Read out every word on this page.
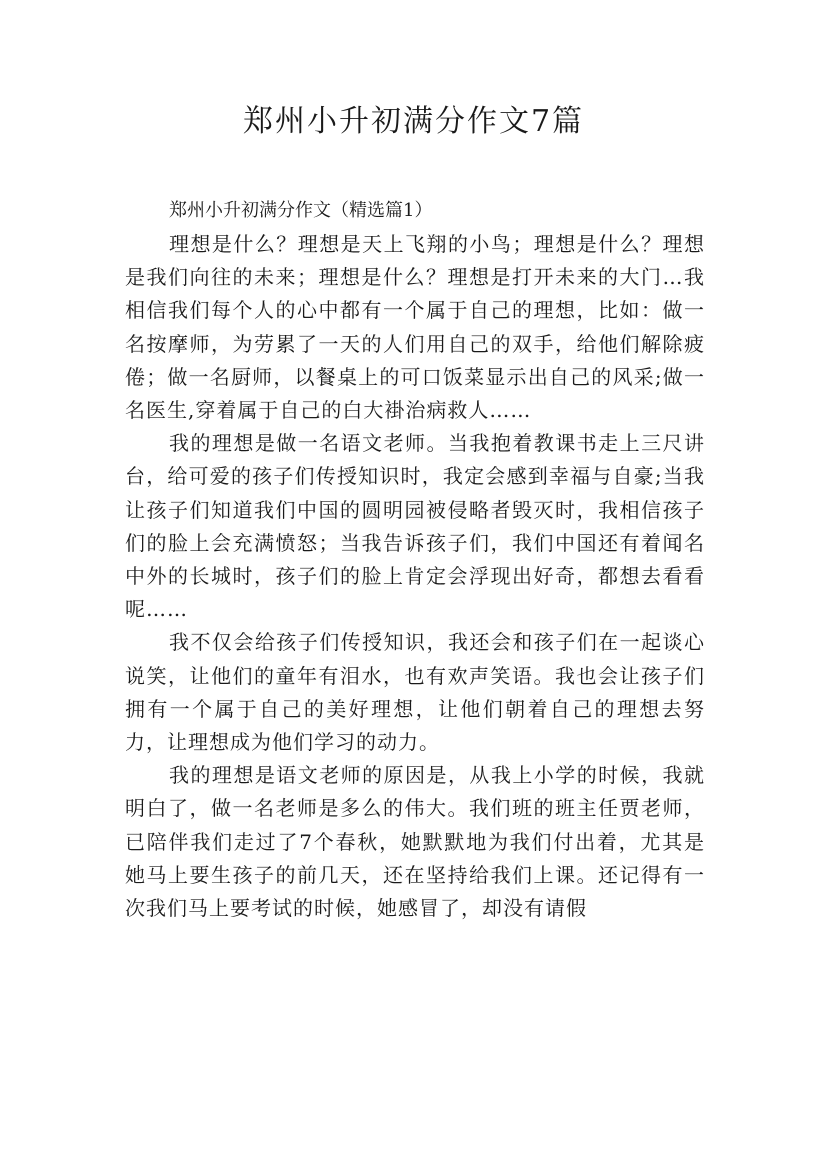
郑州小升初满分作文7篇

郑州小升初满分作文（精选篇1）

理想是什么？理想是天上飞翔的小鸟；理想是什么？理想是我们向往的未来；理想是什么？理想是打开未来的大门…我相信我们每个人的心中都有一个属于自己的理想，比如：做一名按摩师，为劳累了一天的人们用自己的双手，给他们解除疲倦；做一名厨师，以餐桌上的可口饭菜显示出自己的风采;做一名医生,穿着属于自己的白大褂治病救人……

我的理想是做一名语文老师。当我抱着教课书走上三尺讲台，给可爱的孩子们传授知识时，我定会感到幸福与自豪;当我让孩子们知道我们中国的圆明园被侵略者毁灭时，我相信孩子们的脸上会充满愤怒；当我告诉孩子们，我们中国还有着闻名中外的长城时，孩子们的脸上肯定会浮现出好奇，都想去看看呢……

我不仅会给孩子们传授知识，我还会和孩子们在一起谈心说笑，让他们的童年有泪水，也有欢声笑语。我也会让孩子们拥有一个属于自己的美好理想，让他们朝着自己的理想去努力，让理想成为他们学习的动力。

我的理想是语文老师的原因是，从我上小学的时候，我就明白了，做一名老师是多么的伟大。我们班的班主任贾老师，已陪伴我们走过了7个春秋，她默默地为我们付出着，尤其是她马上要生孩子的前几天，还在坚持给我们上课。还记得有一次我们马上要考试的时候，她感冒了，却没有请假
